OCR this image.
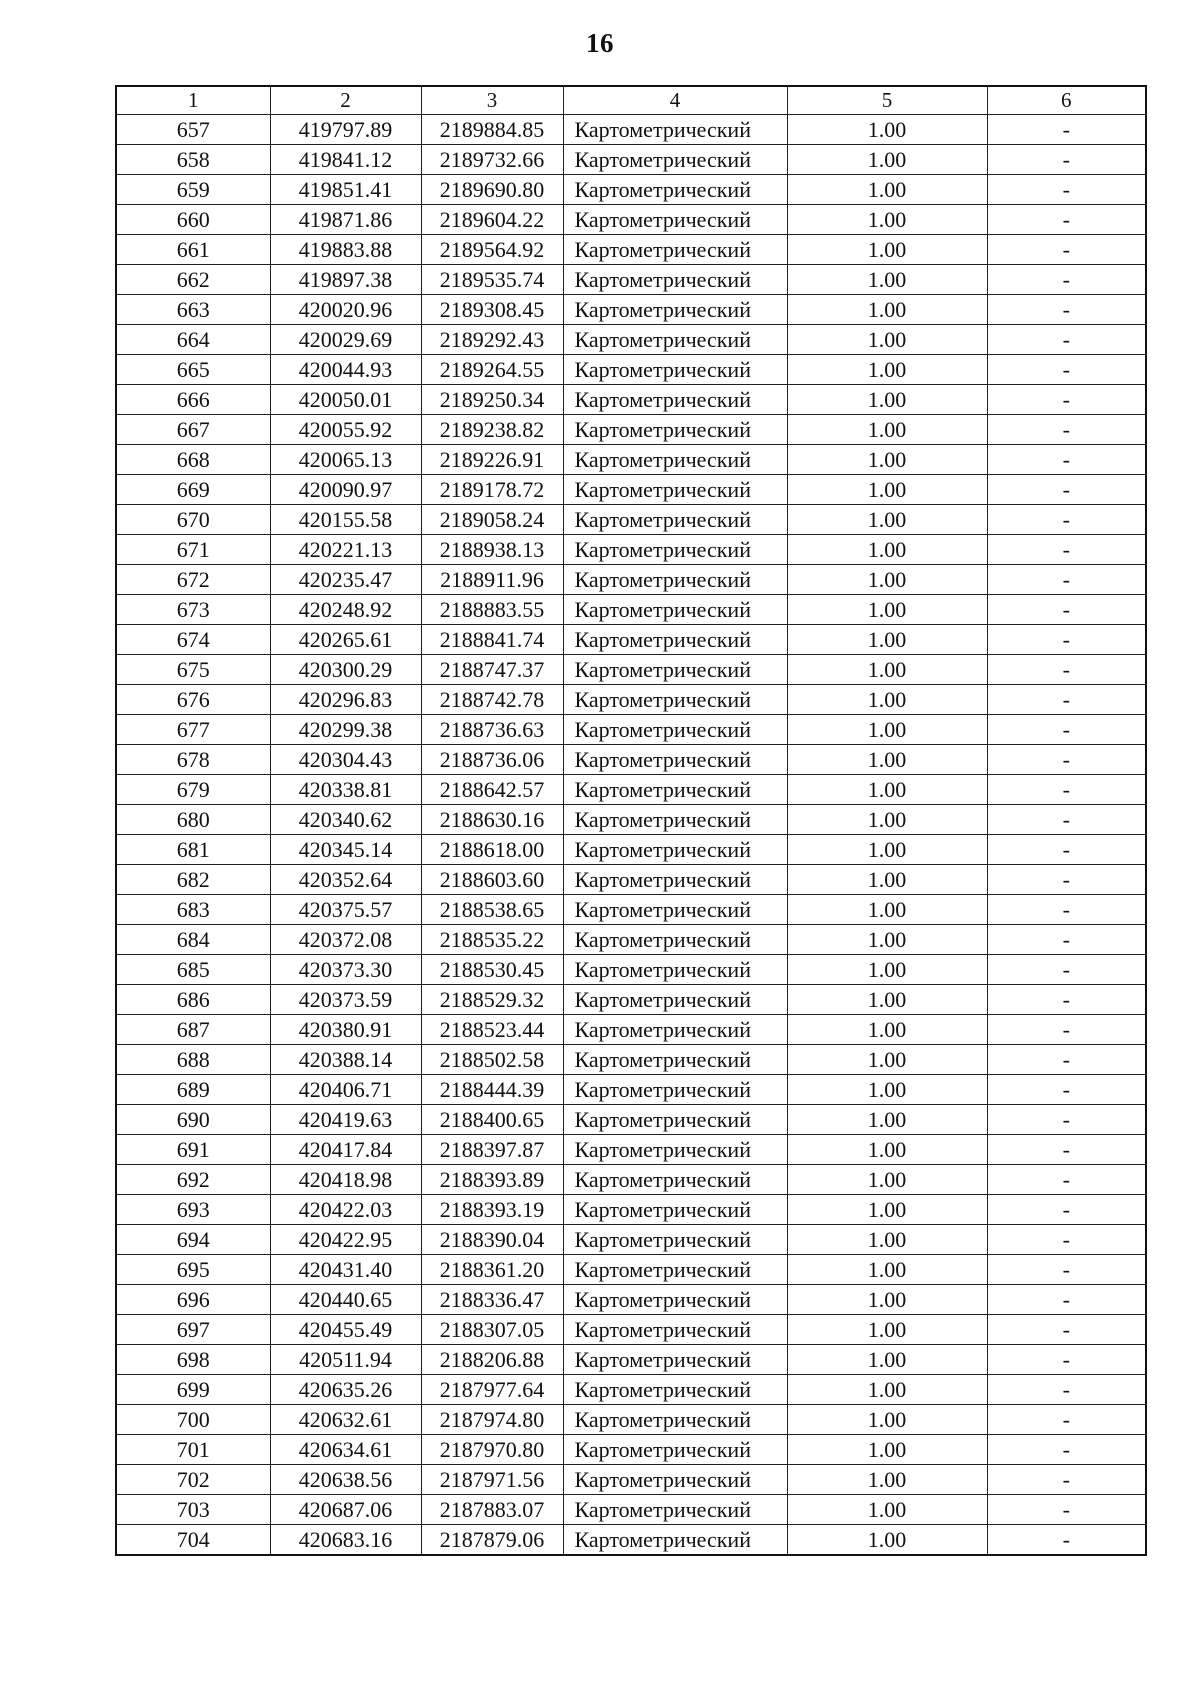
16
1	2	3	4	5	6
657	419797.89	2189884.85	Картометрический	1.00	-
658	419841.12	2189732.66	Картометрический	1.00	-
659	419851.41	2189690.80	Картометрический	1.00	-
660	419871.86	2189604.22	Картометрический	1.00	-
661	419883.88	2189564.92	Картометрический	1.00	-
662	419897.38	2189535.74	Картометрический	1.00	-
663	420020.96	2189308.45	Картометрический	1.00	-
664	420029.69	2189292.43	Картометрический	1.00	-
665	420044.93	2189264.55	Картометрический	1.00	-
666	420050.01	2189250.34	Картометрический	1.00	-
667	420055.92	2189238.82	Картометрический	1.00	-
668	420065.13	2189226.91	Картометрический	1.00	-
669	420090.97	2189178.72	Картометрический	1.00	-
670	420155.58	2189058.24	Картометрический	1.00	-
671	420221.13	2188938.13	Картометрический	1.00	-
672	420235.47	2188911.96	Картометрический	1.00	-
673	420248.92	2188883.55	Картометрический	1.00	-
674	420265.61	2188841.74	Картометрический	1.00	-
675	420300.29	2188747.37	Картометрический	1.00	-
676	420296.83	2188742.78	Картометрический	1.00	-
677	420299.38	2188736.63	Картометрический	1.00	-
678	420304.43	2188736.06	Картометрический	1.00	-
679	420338.81	2188642.57	Картометрический	1.00	-
680	420340.62	2188630.16	Картометрический	1.00	-
681	420345.14	2188618.00	Картометрический	1.00	-
682	420352.64	2188603.60	Картометрический	1.00	-
683	420375.57	2188538.65	Картометрический	1.00	-
684	420372.08	2188535.22	Картометрический	1.00	-
685	420373.30	2188530.45	Картометрический	1.00	-
686	420373.59	2188529.32	Картометрический	1.00	-
687	420380.91	2188523.44	Картометрический	1.00	-
688	420388.14	2188502.58	Картометрический	1.00	-
689	420406.71	2188444.39	Картометрический	1.00	-
690	420419.63	2188400.65	Картометрический	1.00	-
691	420417.84	2188397.87	Картометрический	1.00	-
692	420418.98	2188393.89	Картометрический	1.00	-
693	420422.03	2188393.19	Картометрический	1.00	-
694	420422.95	2188390.04	Картометрический	1.00	-
695	420431.40	2188361.20	Картометрический	1.00	-
696	420440.65	2188336.47	Картометрический	1.00	-
697	420455.49	2188307.05	Картометрический	1.00	-
698	420511.94	2188206.88	Картометрический	1.00	-
699	420635.26	2187977.64	Картометрический	1.00	-
700	420632.61	2187974.80	Картометрический	1.00	-
701	420634.61	2187970.80	Картометрический	1.00	-
702	420638.56	2187971.56	Картометрический	1.00	-
703	420687.06	2187883.07	Картометрический	1.00	-
704	420683.16	2187879.06	Картометрический	1.00	-
